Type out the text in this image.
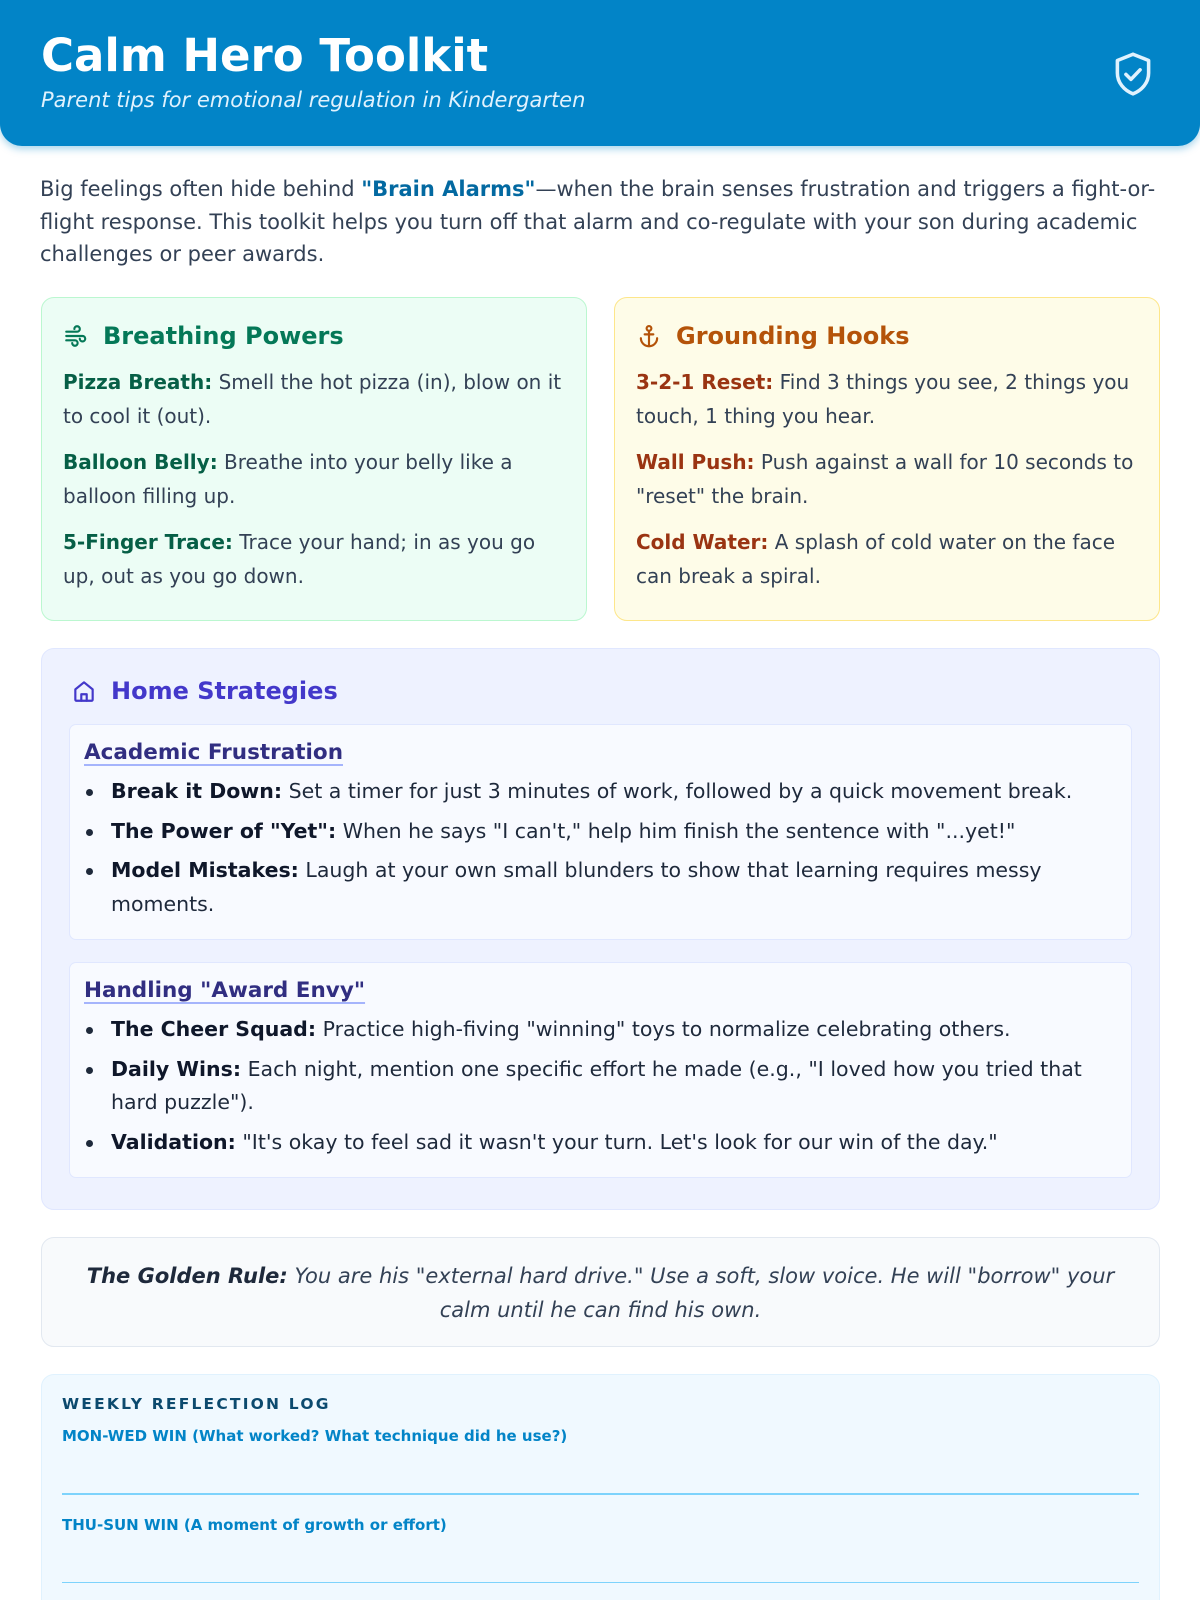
Calm Hero Toolkit
Parent tips for emotional regulation in Kindergarten

Big feelings often hide behind "Brain Alarms"—when the brain senses frustration and triggers a fight-or-flight response. This toolkit helps you turn off that alarm and co-regulate with your son during academic challenges or peer awards.

Breathing Powers

Pizza Breath: Smell the hot pizza (in), blow on it to cool it (out).

Balloon Belly: Breathe into your belly like a balloon filling up.

5-Finger Trace: Trace your hand; in as you go up, out as you go down.

Grounding Hooks

3-2-1 Reset: Find 3 things you see, 2 things you touch, 1 thing you hear.

Wall Push: Push against a wall for 10 seconds to "reset" the brain.

Cold Water: A splash of cold water on the face can break a spiral.

Home Strategies
Academic Frustration
Break it Down: Set a timer for just 3 minutes of work, followed by a quick movement break.
The Power of "Yet": When he says "I can't," help him finish the sentence with "...yet!"
Model Mistakes: Laugh at your own small blunders to show that learning requires messy moments.
Handling "Award Envy"
The Cheer Squad: Practice high-fiving "winning" toys to normalize celebrating others.
Daily Wins: Each night, mention one specific effort he made (e.g., "I loved how you tried that hard puzzle").
Validation: "It's okay to feel sad it wasn't your turn. Let's look for our win of the day."

The Golden Rule: You are his "external hard drive." Use a soft, slow voice. He will "borrow" your calm until he can find his own.

WEEKLY REFLECTION LOG
MON-WED WIN (What worked? What technique did he use?)
THU-SUN WIN (A moment of growth or effort)
